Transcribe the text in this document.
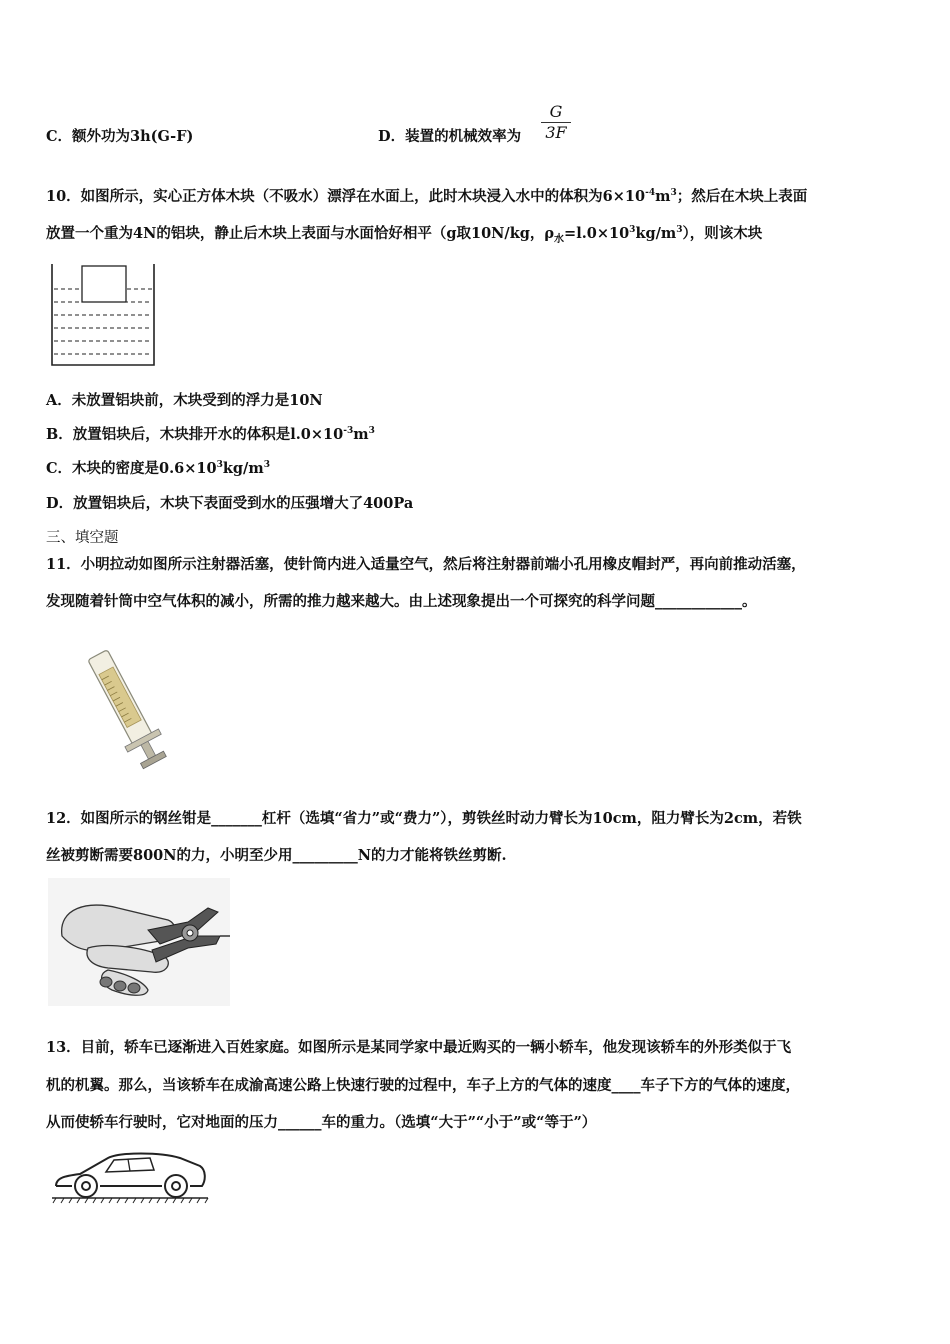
C．额外功为3h(G-F)	D．装置的机械效率为 $\frac{G}{3F}$
10．如图所示，实心正方体木块（不吸水）漂浮在水面上，此时木块浸入水中的体积为$6\times 10^{-4}m^3$；然后在木块上表面
放置一个重为4N的铝块，静止后木块上表面与水面恰好相平（g取10N/kg，$\rho_水=l.0\times 10^3kg/m^3$），则该木块
A．未放置铝块前，木块受到的浮力是10N
B．放置铝块后，木块排开水的体积是$l.0\times 10^{-3}m^3$
C．木块的密度是$0.6\times 10^3kg/m^3$
D．放置铝块后，木块下表面受到水的压强增大了400Pa
三、填空题
11．小明拉动如图所示注射器活塞，使针筒内进入适量空气，然后将注射器前端小孔用橡皮帽封严，再向前推动活塞，
发现随着针筒中空气体积的减小，所需的推力越来越大。由上述现象提出一个可探究的科学问题____________。
12．如图所示的钢丝钳是_______杠杆（选填“省力”或“费力”），剪铁丝时动力臂长为10cm，阻力臂长为2cm，若铁
丝被剪断需要800N的力，小明至少用_________N的力才能将铁丝剪断.
13．目前，轿车已逐渐进入百姓家庭。如图所示是某同学家中最近购买的一辆小轿车，他发现该轿车的外形类似于飞
机的机翼。那么，当该轿车在成渝高速公路上快速行驶的过程中，车子上方的气体的速度____车子下方的气体的速度，
从而使轿车行驶时，它对地面的压力______车的重力。（选填“大于”“小于”或“等于”）
